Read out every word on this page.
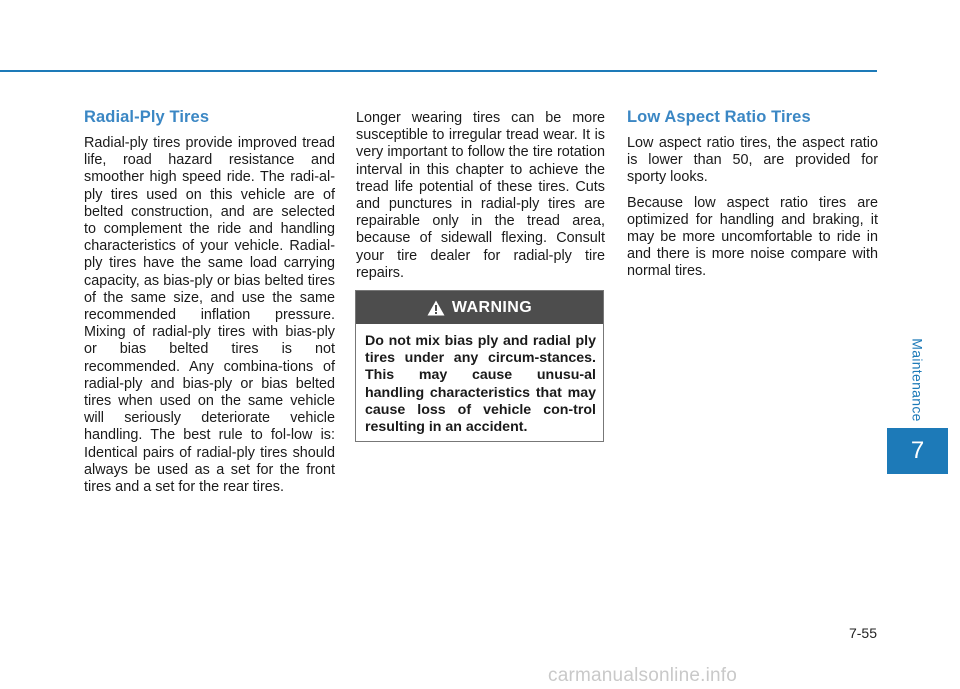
Radial-Ply Tires

Radial-ply tires provide improved tread life, road hazard resistance and smoother high speed ride. The radi-al-ply tires used on this vehicle are of belted construction, and are selected to complement the ride and handling characteristics of your vehicle. Radial-ply tires have the same load carrying capacity, as bias-ply or bias belted tires of the same size, and use the same recommended inflation pressure. Mixing of radial-ply tires with bias-ply or bias belted tires is not recommended. Any combina-tions of radial-ply and bias-ply or bias belted tires when used on the same vehicle will seriously deteriorate vehicle handling. The best rule to fol-low is: Identical pairs of radial-ply tires should always be used as a set for the front tires and a set for the rear tires.

Longer wearing tires can be more susceptible to irregular tread wear. It is very important to follow the tire rotation interval in this chapter to achieve the tread life potential of these tires. Cuts and punctures in radial-ply tires are repairable only in the tread area, because of sidewall flexing. Consult your tire dealer for radial-ply tire repairs.

WARNING
Do not mix bias ply and radial ply tires under any circum-stances. This may cause unusu-al handling characteristics that may cause loss of vehicle con-trol resulting in an accident.
Low Aspect Ratio Tires

Low aspect ratio tires, the aspect ratio is lower than 50, are provided for sporty looks.

Because low aspect ratio tires are optimized for handling and braking, it may be more uncomfortable to ride in and there is more noise compare with normal tires.

Maintenance
7
7-55
carmanualsonline.info
